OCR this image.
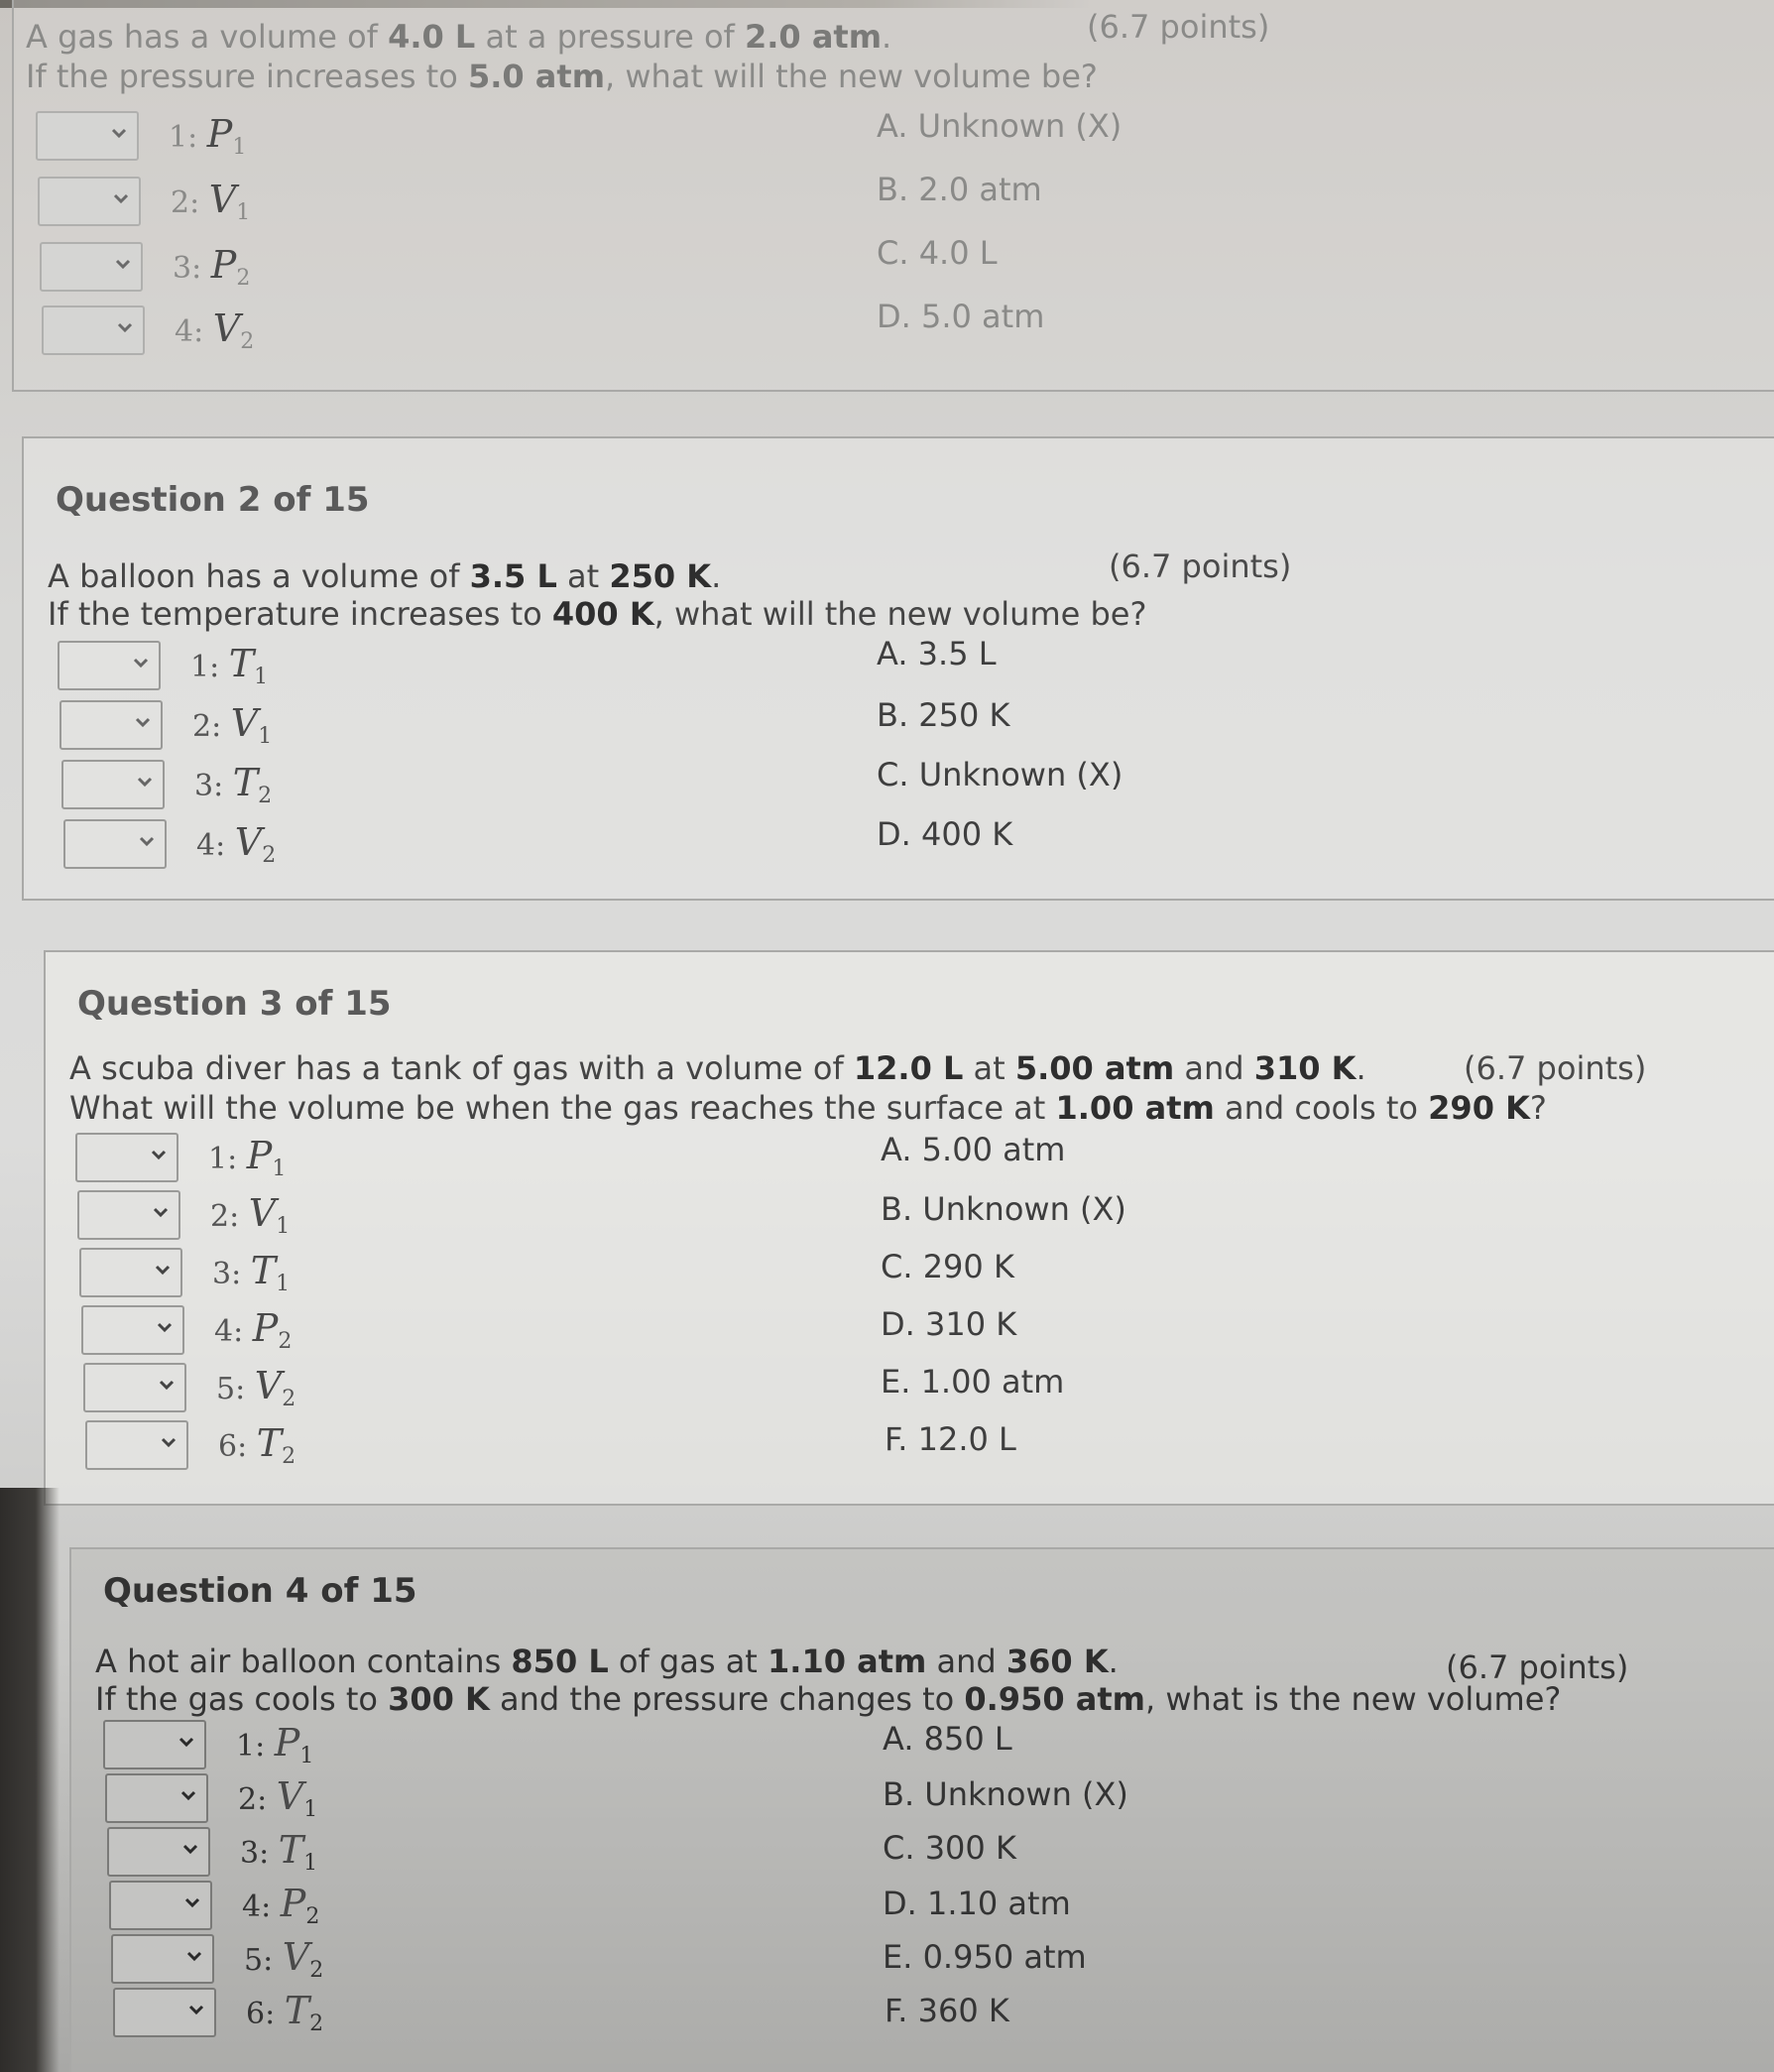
A gas has a volume of 4.0 L at a pressure of 2.0 atm.	(6.7 points)
If the pressure increases to 5.0 atm, what will the new volume be?
1: $P_1$
2: $V_1$
3: $P_2$
4: $V_2$
A. Unknown (X)
B. 2.0 atm
C. 4.0 L
D. 5.0 atm
Question 2 of 15
A balloon has a volume of 3.5 L at 250 K.	(6.7 points)
If the temperature increases to 400 K, what will the new volume be?
1: $T_1$
2: $V_1$
3: $T_2$
4: $V_2$
A. 3.5 L
B. 250 K
C. Unknown (X)
D. 400 K
Question 3 of 15
A scuba diver has a tank of gas with a volume of 12.0 L at 5.00 atm and 310 K.	(6.7 points)
What will the volume be when the gas reaches the surface at 1.00 atm and cools to 290 K?
1: $P_1$
2: $V_1$
3: $T_1$
4: $P_2$
5: $V_2$
6: $T_2$
A. 5.00 atm
B. Unknown (X)
C. 290 K
D. 310 K
E. 1.00 atm
F. 12.0 L
Question 4 of 15
A hot air balloon contains 850 L of gas at 1.10 atm and 360 K.	(6.7 points)
If the gas cools to 300 K and the pressure changes to 0.950 atm, what is the new volume?
1: $P_1$
2: $V_1$
3: $T_1$
4: $P_2$
5: $V_2$
6: $T_2$
A. 850 L
B. Unknown (X)
C. 300 K
D. 1.10 atm
E. 0.950 atm
F. 360 K
